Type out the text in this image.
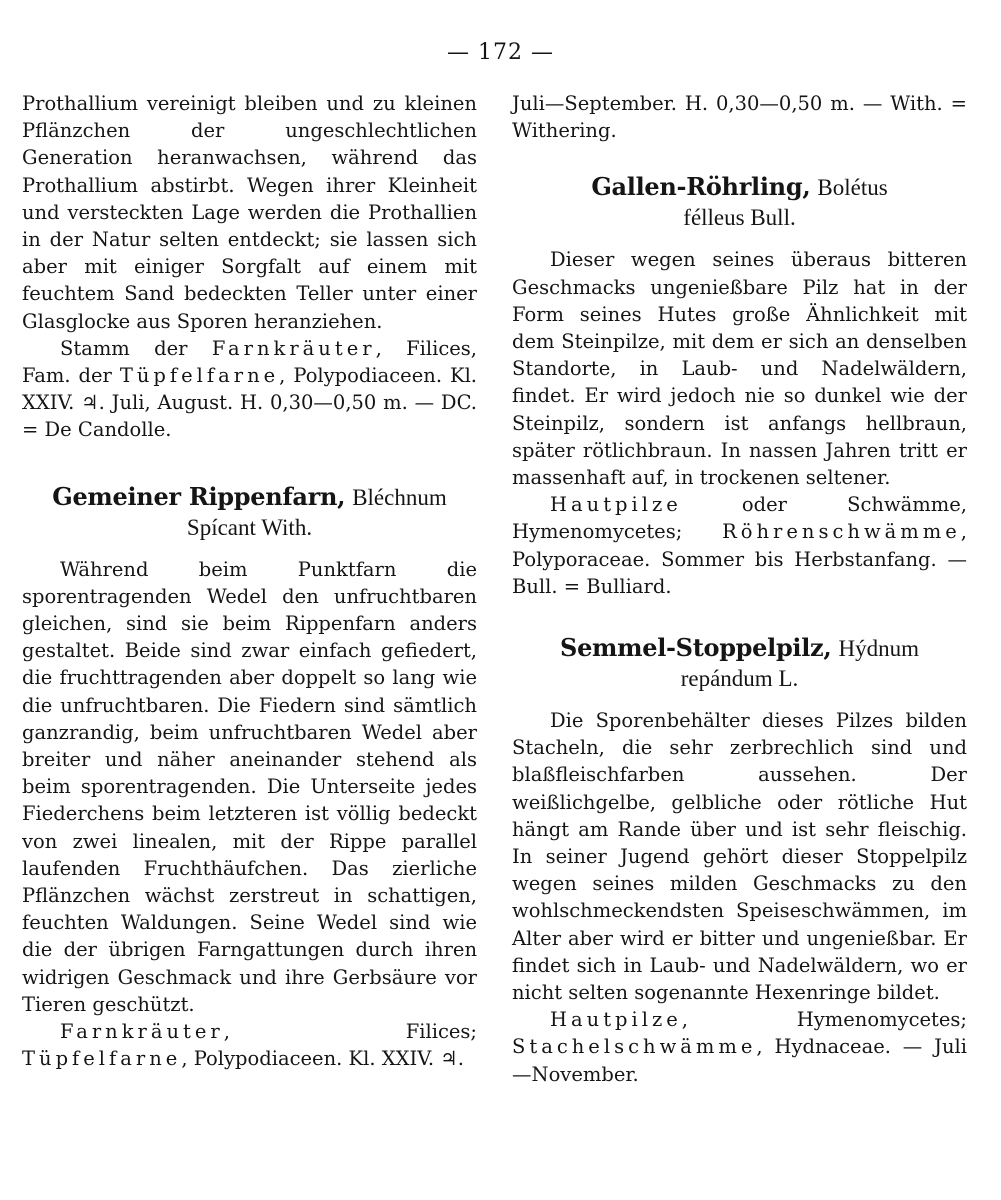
— 172 —

Prothallium vereinigt bleiben und zu kleinen Pflänzchen der ungeschlechtlichen Generation heranwachsen, während das Prothallium abstirbt. Wegen ihrer Kleinheit und versteckten Lage werden die Prothallien in der Natur selten entdeckt; sie lassen sich aber mit einiger Sorgfalt auf einem mit feuchtem Sand bedeckten Teller unter einer Glasglocke aus Sporen heranziehen.

Stamm der Farnkräuter, Filices, Fam. der Tüpfelfarne, Polypodiaceen. Kl. XXIV. ♃. Juli, August. H. 0,30—0,50 m. — DC. = De Candolle.

Gemeiner Rippenfarn, Bléchnum
Spícant With.

Während beim Punktfarn die sporentragenden Wedel den unfruchtbaren gleichen, sind sie beim Rippenfarn anders gestaltet. Beide sind zwar einfach gefiedert, die fruchttragenden aber doppelt so lang wie die unfruchtbaren. Die Fiedern sind sämtlich ganzrandig, beim unfruchtbaren Wedel aber breiter und näher aneinander stehend als beim sporentragenden. Die Unterseite jedes Fiederchens beim letzteren ist völlig bedeckt von zwei linealen, mit der Rippe parallel laufenden Fruchthäufchen. Das zierliche Pflänzchen wächst zerstreut in schattigen, feuchten Waldungen. Seine Wedel sind wie die der übrigen Farngattungen durch ihren widrigen Geschmack und ihre Gerbsäure vor Tieren geschützt.

Farnkräuter, Filices; Tüpfelfarne, Polypodiaceen. Kl. XXIV. ♃.

Juli—September. H. 0,30—0,50 m. — With. = Withering.

Gallen-Röhrling, Bolétus
félleus Bull.

Dieser wegen seines überaus bitteren Geschmacks ungenießbare Pilz hat in der Form seines Hutes große Ähnlichkeit mit dem Steinpilze, mit dem er sich an denselben Standorte, in Laub- und Nadelwäldern, findet. Er wird jedoch nie so dunkel wie der Steinpilz, sondern ist anfangs hellbraun, später rötlichbraun. In nassen Jahren tritt er massenhaft auf, in trockenen seltener.

Hautpilze oder Schwämme, Hymenomycetes; Röhrenschwämme, Polyporaceae. Sommer bis Herbstanfang. — Bull. = Bulliard.

Semmel-Stoppelpilz, Hýdnum
repándum L.

Die Sporenbehälter dieses Pilzes bilden Stacheln, die sehr zerbrechlich sind und blaßfleischfarben aussehen. Der weißlichgelbe, gelbliche oder rötliche Hut hängt am Rande über und ist sehr fleischig. In seiner Jugend gehört dieser Stoppelpilz wegen seines milden Geschmacks zu den wohlschmeckendsten Speiseschwämmen, im Alter aber wird er bitter und ungenießbar. Er findet sich in Laub- und Nadelwäldern, wo er nicht selten sogenannte Hexenringe bildet.

Hautpilze, Hymenomycetes; Stachelschwämme, Hydnaceae. — Juli—November.
